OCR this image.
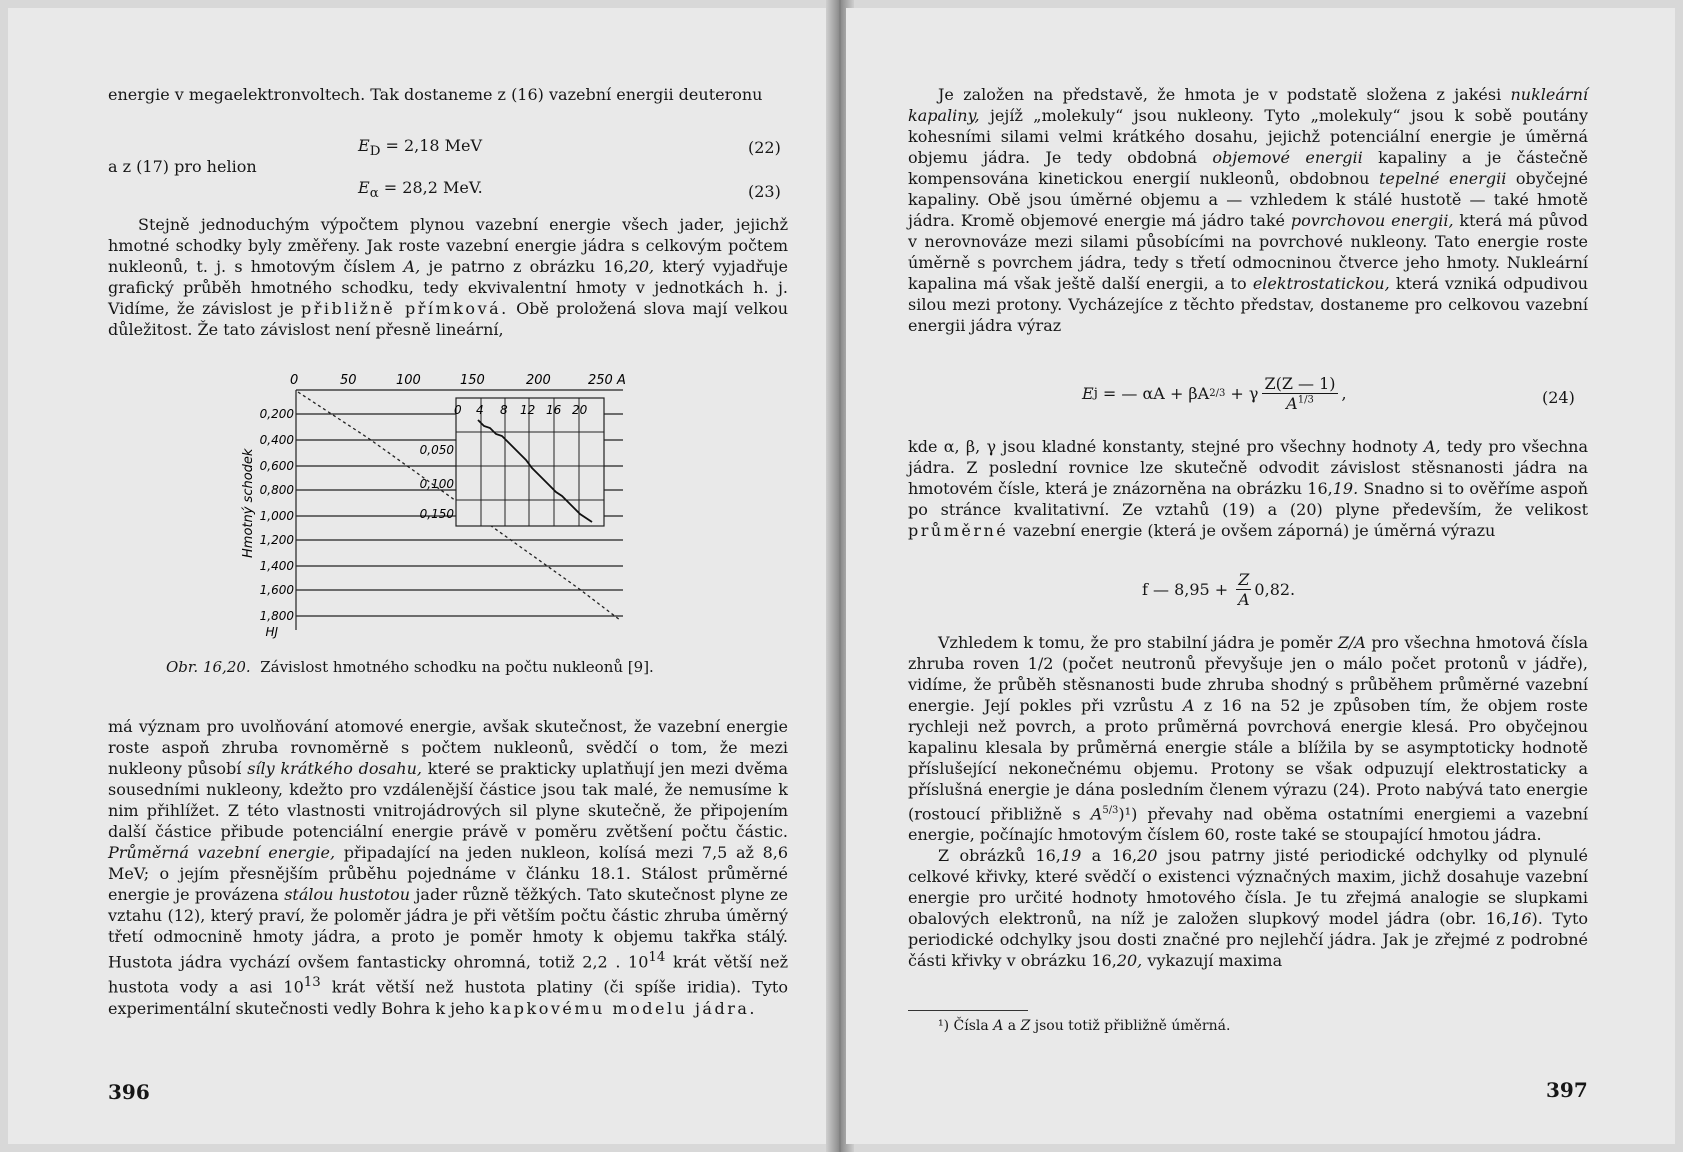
energie v megaelektronvoltech. Tak dostaneme z (16) vazební energii deuteronu

$E_D = 2,18$ MeV	(22)

a z (17) pro helion

$E_\alpha = 28,2$ MeV.	(23)

Stejně jednoduchým výpočtem plynou vazební energie všech jader, jejichž hmotné schodky byly změřeny. Jak roste vazební energie jádra s celkovým počtem nukleonů, t. j. s hmotovým číslem A, je patrno z obrázku 16,20, který vyjadřuje grafický průběh hmotného schodku, tedy ekvivalentní hmoty v jednotkách h. j. Vidíme, že závislost je přibližně přímková. Obě proložená slova mají velkou důležitost. Že tato závislost není přesně lineární,

0	50	100	150	200	250 A
0,200
0,400
0,600
0,800
1,000
1,200
1,400
1,600
1,800
HJ
Hmotný schodek
0 4 8 12 16 20
0,050
0,100
0,150
Obr. 16,20. Závislost hmotného schodku na počtu nukleonů [9].

má význam pro uvolňování atomové energie, avšak skutečnost, že vazební energie roste aspoň zhruba rovnoměrně s počtem nukleonů, svědčí o tom, že mezi nukleony působí síly krátkého dosahu, které se prakticky uplatňují jen mezi dvěma sousedními nukleony, kdežto pro vzdálenější částice jsou tak malé, že nemusíme k nim přihlížet. Z této vlastnosti vnitrojádrových sil plyne skutečně, že připojením další částice přibude potenciální energie právě v poměru zvětšení počtu částic. Průměrná vazební energie, připadající na jeden nukleon, kolísá mezi 7,5 až 8,6 MeV; o jejím přesnějším průběhu pojednáme v článku 18.1. Stálost průměrné energie je provázena stálou hustotou jader různě těžkých. Tato skutečnost plyne ze vztahu (12), který praví, že poloměr jádra je při větším počtu částic zhruba úměrný třetí odmocnině hmoty jádra, a proto je poměr hmoty k objemu takřka stálý. Hustota jádra vychází ovšem fantasticky ohromná, totiž 2,2 . $10^{14}$ krát větší než hustota vody a asi $10^{13}$ krát větší než hustota platiny (či spíše iridia). Tyto experimentální skutečnosti vedly Bohra k jeho kapkovému modelu jádra.

396

Je založen na představě, že hmota je v podstatě složena z jakési nukleární kapaliny, jejíž „molekuly“ jsou nukleony. Tyto „molekuly“ jsou k sobě poutány kohesními silami velmi krátkého dosahu, jejichž potenciální energie je úměrná objemu jádra. Je tedy obdobná objemové energii kapaliny a je částečně kompensována kinetickou energií nukleonů, obdobnou tepelné energii obyčejné kapaliny. Obě jsou úměrné objemu a — vzhledem k stálé hustotě — také hmotě jádra. Kromě objemové energie má jádro také povrchovou energii, která má původ v nerovnováze mezi silami působícími na povrchové nukleony. Tato energie roste úměrně s povrchem jádra, tedy s třetí odmocninou čtverce jeho hmoty. Nukleární kapalina má však ještě další energii, a to elektrostatickou, která vzniká odpudivou silou mezi protony. Vycházejíce z těchto představ, dostaneme pro celkovou vazební energii jádra výraz

E j = — αA + βA 2/3 + γ $\frac{Z(Z — 1)}{A^{1/3}}$ ,	(24)

kde α, β, γ jsou kladné konstanty, stejné pro všechny hodnoty A, tedy pro všechna jádra. Z poslední rovnice lze skutečně odvodit závislost stěsnanosti jádra na hmotovém čísle, která je znázorněna na obrázku 16,19. Snadno si to ověříme aspoň po stránce kvalitativní. Ze vztahů (19) a (20) plyne především, že velikost průměrné vazební energie (která je ovšem záporná) je úměrná výrazu

f — $8,95 + \frac{Z}{A} 0,82$.

Vzhledem k tomu, že pro stabilní jádra je poměr Z/A pro všechna hmotová čísla zhruba roven 1/2 (počet neutronů převyšuje jen o málo počet protonů v jádře), vidíme, že průběh stěsnanosti bude zhruba shodný s průběhem průměrné vazební energie. Její pokles při vzrůstu A z 16 na 52 je způsoben tím, že objem roste rychleji než povrch, a proto průměrná povrchová energie klesá. Pro obyčejnou kapalinu klesala by průměrná energie stále a blížila by se asymptoticky hodnotě příslušející nekonečnému objemu. Protony se však odpuzují elektrostaticky a příslušná energie je dána posledním členem výrazu (24). Proto nabývá tato energie (rostoucí přibližně s $A^{5/3})^1$) převahy nad oběma ostatními energiemi a vazební energie, počínajíc hmotovým číslem 60, roste také se stoupající hmotou jádra.

Z obrázků 16,19 a 16,20 jsou patrny jisté periodické odchylky od plynulé celkové křivky, které svědčí o existenci význačných maxim, jichž dosahuje vazební energie pro určité hodnoty hmotového čísla. Je tu zřejmá analogie se slupkami obalových elektronů, na níž je založen slupkový model jádra (obr. 16,16). Tyto periodické odchylky jsou dosti značné pro nejlehčí jádra. Jak je zřejmé z podrobné části křivky v obrázku 16,20, vykazují maxima

¹) Čísla A a Z jsou totiž přibližně úměrná.
397
